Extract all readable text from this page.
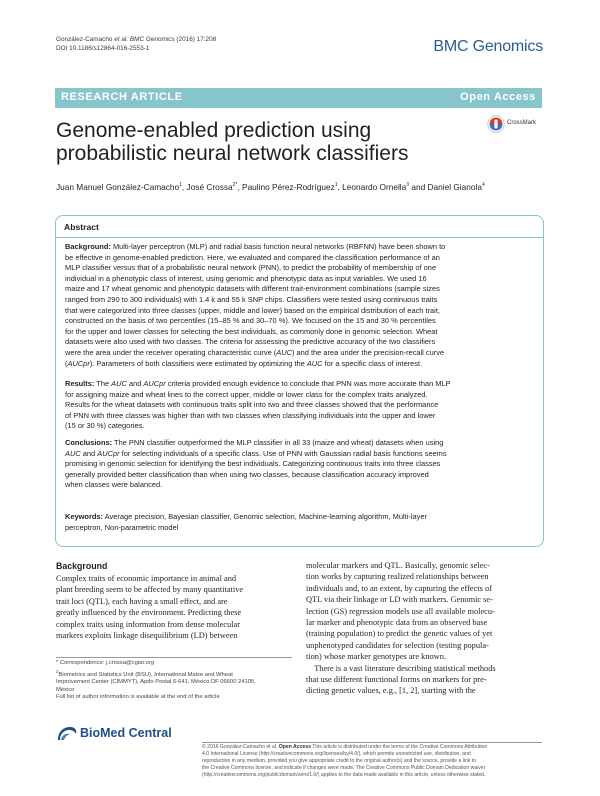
González-Camacho et al. BMC Genomics (2016) 17:208
DOI 10.1186/s12864-016-2553-1	BMC Genomics
RESEARCH ARTICLE	Open Access
CrossMark
Genome-enabled prediction using
probabilistic neural network classifiers
Juan Manuel González-Camacho$^1$, José Crossa$^{2*}$, Paulino Pérez-Rodríguez$^1$, Leonardo Ornella$^3$ and Daniel Gianola$^4$
Abstract
Background: Multi-layer perceptron (MLP) and radial basis function neural networks (RBFNN) have been shown to
be effective in genome-enabled prediction. Here, we evaluated and compared the classification performance of an
MLP classifier versus that of a probabilistic neural network (PNN), to predict the probability of membership of one
individual in a phenotypic class of interest, using genomic and phenotypic data as input variables. We used 16
maize and 17 wheat genomic and phenotypic datasets with different trait-environment combinations (sample sizes
ranged from 290 to 300 individuals) with 1.4 k and 55 k SNP chips. Classifiers were tested using continuous traits
that were categorized into three classes (upper, middle and lower) based on the empirical distribution of each trait,
constructed on the basis of two percentiles (15–85 % and 30–70 %). We focused on the 15 and 30 % percentiles
for the upper and lower classes for selecting the best individuals, as commonly done in genomic selection. Wheat
datasets were also used with two classes. The criteria for assessing the predictive accuracy of the two classifiers
were the area under the receiver operating characteristic curve (AUC) and the area under the precision-recall curve
(AUCpr). Parameters of both classifiers were estimated by optimizing the AUC for a specific class of interest.
Results: The AUC and AUCpr criteria provided enough evidence to conclude that PNN was more accurate than MLP
for assigning maize and wheat lines to the correct upper, middle or lower class for the complex traits analyzed.
Results for the wheat datasets with continuous traits split into two and three classes showed that the performance
of PNN with three classes was higher than with two classes when classifying individuals into the upper and lower
(15 or 30 %) categories.
Conclusions: The PNN classifier outperformed the MLP classifier in all 33 (maize and wheat) datasets when using
AUC and AUCpr for selecting individuals of a specific class. Use of PNN with Gaussian radial basis functions seems
promising in genomic selection for identifying the best individuals. Categorizing continuous traits into three classes
generally provided better classification than when using two classes, because classification accuracy improved
when classes were balanced.
Keywords: Average precision, Bayesian classifier, Genomic selection, Machine-learning algorithm, Multi-layer
perceptron, Non-parametric model
Background
Complex traits of economic importance in animal and
plant breeding seem to be affected by many quantitative
trait loci (QTL), each having a small effect, and are
greatly influenced by the environment. Predicting these
complex traits using information from dense molecular
markers exploits linkage disequilibrium (LD) between
molecular markers and QTL. Basically, genomic selec-
tion works by capturing realized relationships between
individuals and, to an extent, by capturing the effects of
QTL via their linkage or LD with markers. Genomic se-
lection (GS) regression models use all available molecu-
lar marker and phenotypic data from an observed base
(training population) to predict the genetic values of yet
unphenotyped candidates for selection (testing popula-
tion) whose marker genotypes are known.
There is a vast literature describing statistical methods
that use different functional forms on markers for pre-
dicting genetic values, e.g., [1, 2], starting with the
* Correspondence: j.crossa@cgiar.org
$^2$Biometrics and Statistics Unit (BSU), International Maize and Wheat
Improvement Center (CIMMYT), Apdo Postal 6-641, México DF 06600 24105,
México
Full list of author information is available at the end of the article
BioMed Central
© 2016 González-Camacho et al. Open Access This article is distributed under the terms of the Creative Commons Attribution
4.0 International License (http://creativecommons.org/licenses/by/4.0/), which permits unrestricted use, distribution, and
reproduction in any medium, provided you give appropriate credit to the original author(s) and the source, provide a link to
the Creative Commons license, and indicate if changes were made. The Creative Commons Public Domain Dedication waiver
(http://creativecommons.org/publicdomain/zero/1.0/) applies to the data made available in this article, unless otherwise stated.
